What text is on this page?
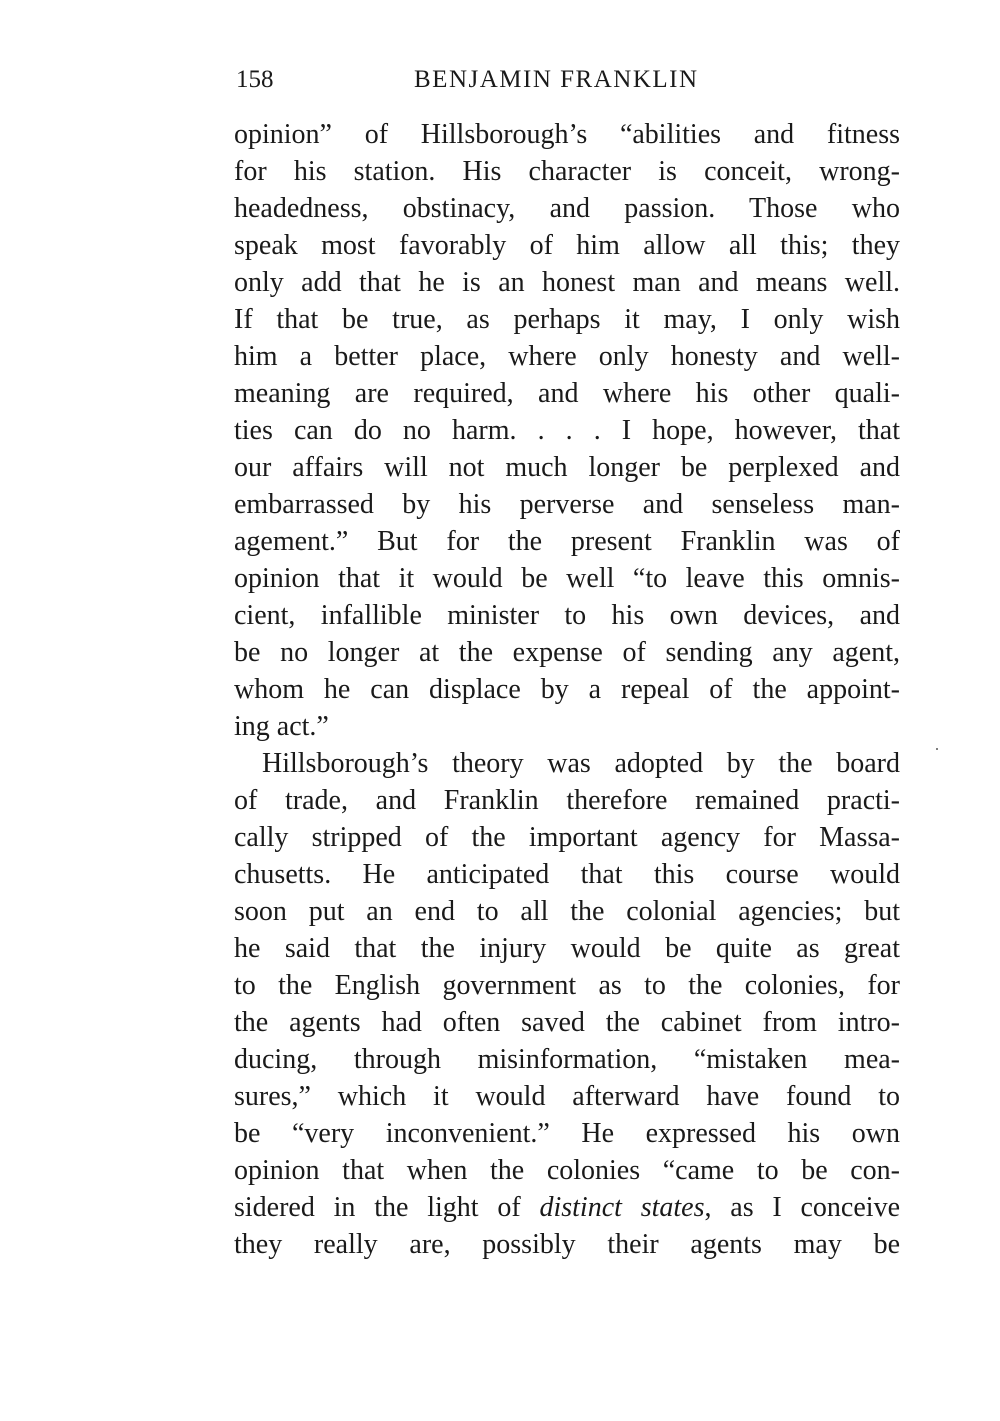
158	BENJAMIN FRANKLIN
opinion” of Hillsborough’s “abilities and fitness
for his station. His character is conceit, wrong-
headedness, obstinacy, and passion. Those who
speak most favorably of him allow all this; they
only add that he is an honest man and means well.
If that be true, as perhaps it may, I only wish
him a better place, where only honesty and well-
meaning are required, and where his other quali-
ties can do no harm. . . . I hope, however, that
our affairs will not much longer be perplexed and
embarrassed by his perverse and senseless man-
agement.” But for the present Franklin was of
opinion that it would be well “to leave this omnis-
cient, infallible minister to his own devices, and
be no longer at the expense of sending any agent,
whom he can displace by a repeal of the appoint-
ing act.”
Hillsborough’s theory was adopted by the board
of trade, and Franklin therefore remained practi-
cally stripped of the important agency for Massa-
chusetts. He anticipated that this course would
soon put an end to all the colonial agencies; but
he said that the injury would be quite as great
to the English government as to the colonies, for
the agents had often saved the cabinet from intro-
ducing, through misinformation, “mistaken mea-
sures,” which it would afterward have found to
be “very inconvenient.” He expressed his own
opinion that when the colonies “came to be con-
sidered in the light of distinct states, as I conceive
they really are, possibly their agents may be
